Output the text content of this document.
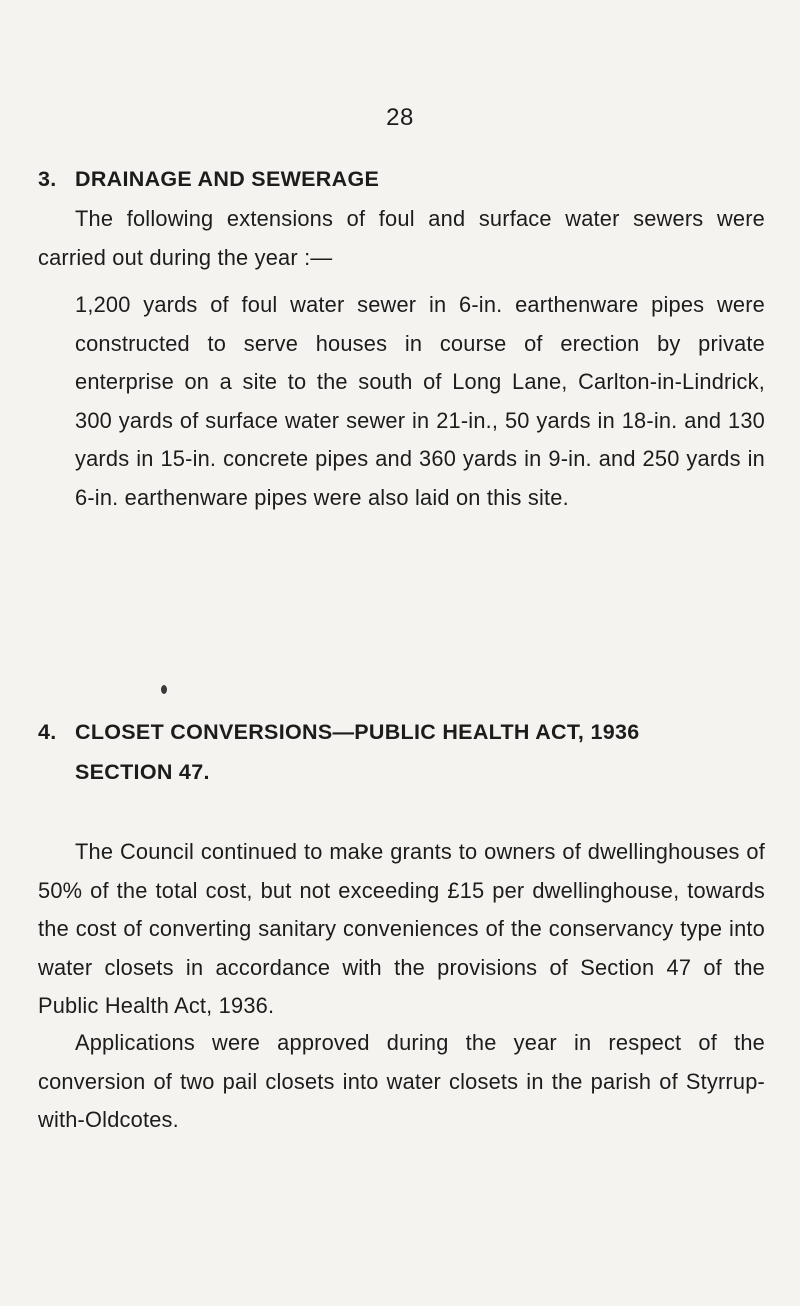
28
3. DRAINAGE AND SEWERAGE

The following extensions of foul and surface water sewers were carried out during the year :—

1,200 yards of foul water sewer in 6-in. earthenware pipes were constructed to serve houses in course of erection by private enterprise on a site to the south of Long Lane, Carlton-in-Lindrick, 300 yards of surface water sewer in 21-in., 50 yards in 18-in. and 130 yards in 15-in. concrete pipes and 360 yards in 9-in. and 250 yards in 6-in. earthenware pipes were also laid on this site.

4. CLOSET CONVERSIONS—PUBLIC HEALTH ACT, 1936
SECTION 47.

The Council continued to make grants to owners of dwellinghouses of 50% of the total cost, but not exceeding £15 per dwellinghouse, towards the cost of converting sanitary conveniences of the conservancy type into water closets in accordance with the provisions of Section 47 of the Public Health Act, 1936.

Applications were approved during the year in respect of the conversion of two pail closets into water closets in the parish of Styrrup-with-Oldcotes.
